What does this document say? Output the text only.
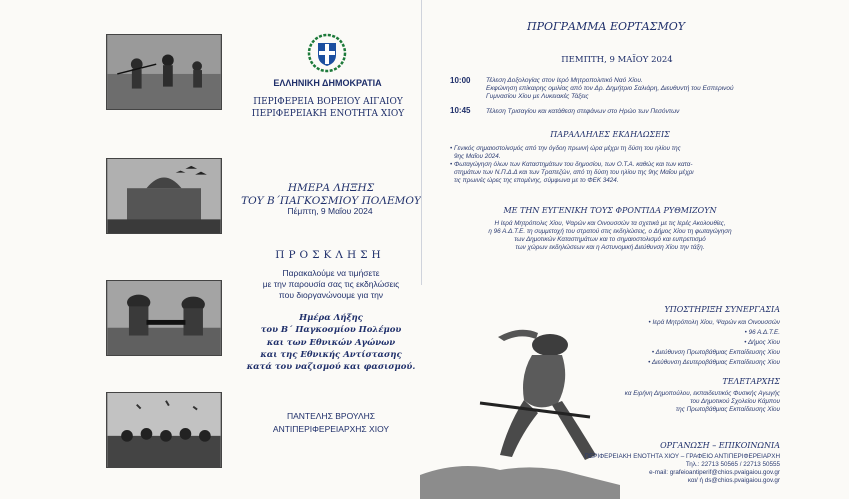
ΕΛΛΗΝΙΚΗ ΔΗΜΟΚΡΑΤΙΑ
ΠΕΡΙΦΕΡΕΙΑ ΒΟΡΕΙΟΥ ΑΙΓΑΙΟΥ
ΠΕΡΙΦΕΡΕΙΑΚΗ ΕΝΟΤΗΤΑ ΧΙΟΥ
ΗΜΕΡΑ ΛΗΞΗΣ
ΤΟΥ Β΄ΠΑΓΚΟΣΜΙΟΥ ΠΟΛΕΜΟΥ
Πέμπτη, 9 Μαΐου 2024
ΠΡΟΣΚΛΗΣΗ
Παρακαλούμε να τιμήσετε
με την παρουσία σας τις εκδηλώσεις
που διοργανώνουμε για την
Ημέρα Λήξης
του Β΄ Παγκοσμίου Πολέμου
και των Εθνικών Αγώνων
και της Εθνικής Αντίστασης
κατά του ναζισμού και φασισμού.
ΠΑΝΤΕΛΗΣ ΒΡΟΥΛΗΣ
ΑΝΤΙΠΕΡΙΦΕΡΕΙΑΡΧΗΣ ΧΙΟΥ
ΠΡΟΓΡΑΜΜΑ ΕΟΡΤΑΣΜΟΥ
ΠΕΜΠΤΗ, 9 ΜΑΪΟΥ 2024
10:00 Τέλεση Δοξολογίας στον Ιερό Μητροπολιτικό Ναό Χίου.
Εκφώνηση επίκαιρης ομιλίας από τον Δρ. Δημήτριο Σαλιάρη, Διευθυντή του Εσπερινού
Γυμνασίου Χίου με Λυκειακές Τάξεις
10:45 Τέλεση Τρισαγίου και κατάθεση στεφάνων στο Ηρώο των Πεσόντων
ΠΑΡΑΛΛΗΛΕΣ ΕΚΔΗΛΩΣΕΙΣ
• Γενικός σημαιοστολισμός από την όγδοη πρωινή ώρα μέχρι τη δύση του ηλίου της
9ης Μαΐου 2024.
• Φωταγώγηση όλων των Καταστημάτων του δημοσίου, των Ο.Τ.Α. καθώς και των κατα-
στημάτων των Ν.Π.Δ.Δ και των Τραπεζών, από τη δύση του ηλίου της 9ης Μαΐου μέχρι
τις πρωινές ώρες της επομένης, σύμφωνα με το ΦΕΚ 3424.
ΜΕ ΤΗΝ ΕΥΓΕΝΙΚΗ ΤΟΥΣ ΦΡΟΝΤΙΔΑ ΡΥΘΜΙΖΟΥΝ
Η Ιερά Μητρόπολις Χίου, Ψαρών και Οινουσσών τα σχετικά με τις Ιερές Ακολουθίες,
η 96 Α.Δ.Τ.Ε. τη συμμετοχή του στρατού στις εκδηλώσεις, ο Δήμος Χίου τη φωταγώγηση
των Δημοτικών Καταστημάτων και το σημαιοστολισμό και ευπρεπισμό
των χώρων εκδηλώσεων και η Αστυνομική Διεύθυνση Χίου την τάξη.
ΥΠΟΣΤΗΡΙΞΗ ΣΥΝΕΡΓΑΣΙΑ
• Ιερά Μητρόπολη Χίου, Ψαρών και Οινουσσών
• 96 Α.Δ.Τ.Ε.
• Δήμος Χίου
• Διεύθυνση Πρωτοβάθμιας Εκπαίδευσης Χίου
• Διεύθυνση Δευτεροβάθμιας Εκπαίδευσης Χίου
ΤΕΛΕΤΑΡΧΗΣ
κα Ειρήνη Δημοπούλου, εκπαιδευτικός Φυσικής Αγωγής
του Δημοτικού Σχολείου Κάμπου
της Πρωτοβάθμιας Εκπαίδευσης Χίου
ΟΡΓΑΝΩΣΗ – ΕΠΙΚΟΙΝΩΝΙΑ
ΠΕΡΙΦΕΡΕΙΑΚΗ ΕΝΟΤΗΤΑ ΧΙΟΥ – ΓΡΑΦΕΙΟ ΑΝΤΙΠΕΡΙΦΕΡΕΙΑΡΧΗ
Τηλ.: 22713 50565 / 22713 50555
e-mail: grafeioantiperif@chios.pvaigaiou.gov.gr
και/ ή ds@chios.pvaigaiou.gov.gr
